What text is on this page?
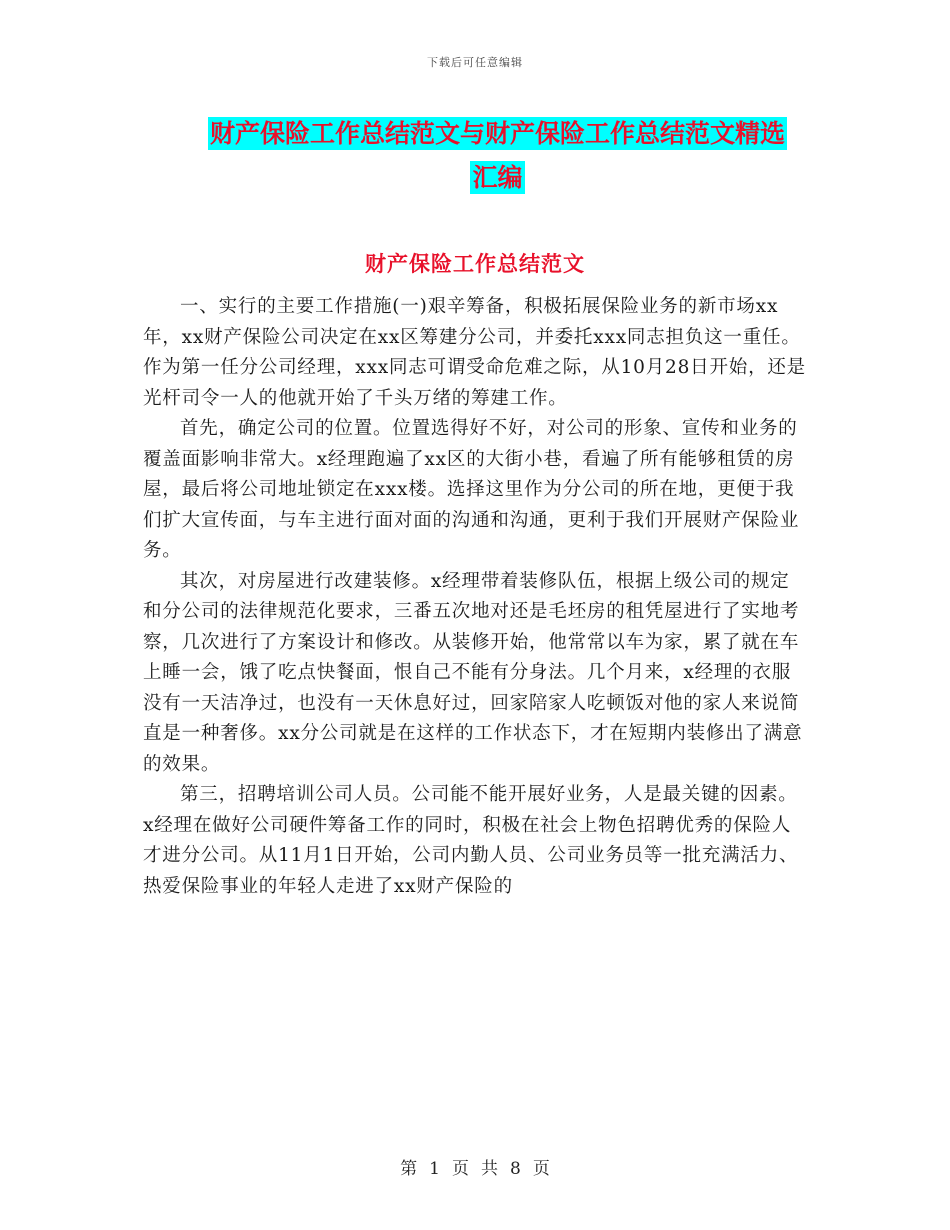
下载后可任意编辑
财产保险工作总结范文与财产保险工作总结范文精选
汇编
财产保险工作总结范文

一、实行的主要工作措施(一)艰辛筹备，积极拓展保险业务的新市场xx年，xx财产保险公司决定在xx区筹建分公司，并委托xxx同志担负这一重任。作为第一任分公司经理，xxx同志可谓受命危难之际，从10月28日开始，还是光杆司令一人的他就开始了千头万绪的筹建工作。

首先，确定公司的位置。位置选得好不好，对公司的形象、宣传和业务的覆盖面影响非常大。x经理跑遍了xx区的大街小巷，看遍了所有能够租赁的房屋，最后将公司地址锁定在xxx楼。选择这里作为分公司的所在地，更便于我们扩大宣传面，与车主进行面对面的沟通和沟通，更利于我们开展财产保险业务。

其次，对房屋进行改建装修。x经理带着装修队伍，根据上级公司的规定和分公司的法律规范化要求，三番五次地对还是毛坯房的租凭屋进行了实地考察，几次进行了方案设计和修改。从装修开始，他常常以车为家，累了就在车上睡一会，饿了吃点快餐面，恨自己不能有分身法。几个月来，x经理的衣服没有一天洁净过，也没有一天休息好过，回家陪家人吃顿饭对他的家人来说简直是一种奢侈。xx分公司就是在这样的工作状态下，才在短期内装修出了满意的效果。

第三，招聘培训公司人员。公司能不能开展好业务，人是最关键的因素。x经理在做好公司硬件筹备工作的同时，积极在社会上物色招聘优秀的保险人才进分公司。从11月1日开始，公司内勤人员、公司业务员等一批充满活力、热爱保险事业的年轻人走进了xx财产保险的

第 1 页 共 8 页
